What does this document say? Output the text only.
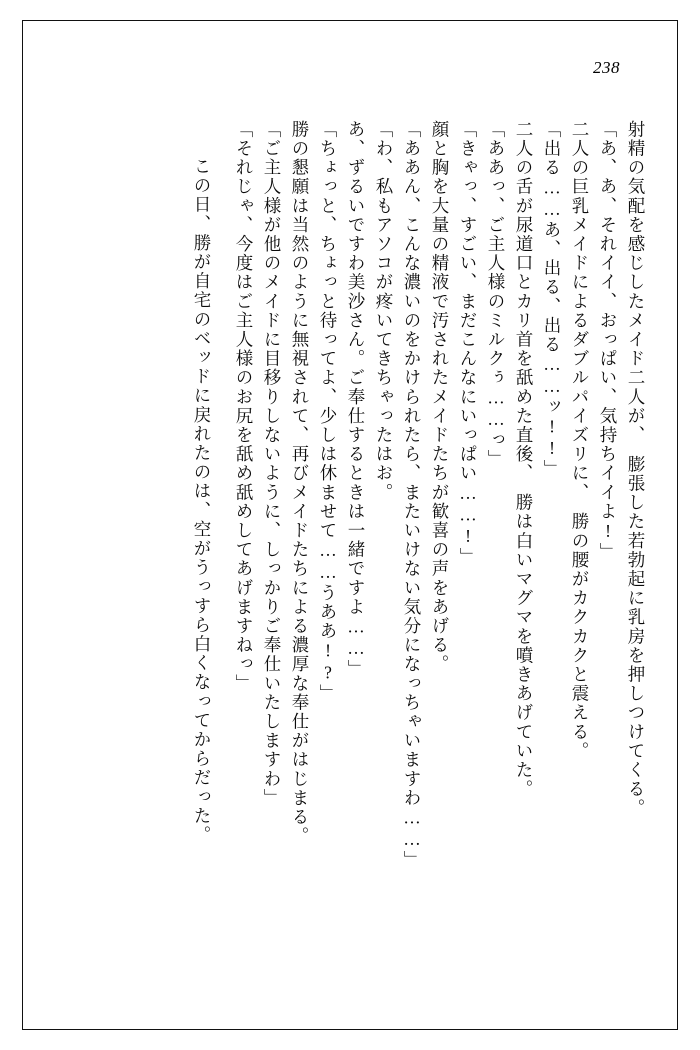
238
射精の気配を感じしたメイド二人が、　膨張した若勃起に乳房を押しつけてくる。
「あ、あ、それイイ、おっぱい、気持ちイイよ!」
二人の巨乳メイドによるダブルパイズリに、　勝の腰がカクカクと震える。
「出る……あ、出る、出る……ッ!!」
二人の舌が尿道口とカリ首を舐めた直後、　勝は白いマグマを噴きあげていた。
「ああっ、ご主人様のミルクぅ……っ」
「きゃっ、すごい、まだこんなにいっぱい……!」
顔と胸を大量の精液で汚されたメイドたちが歓喜の声をあげる。
「ああん、こんな濃いのをかけられたら、またいけない気分になっちゃいますわ……」
「わ、私もアソコが疼いてきちゃったはお。
あ、ずるいですわ美沙さん。ご奉仕するときは一緒ですよ……」
「ちょっと、ちょっと待ってよ、少しは休ませて……うああ!?」
勝の懇願は当然のように無視されて、再びメイドたちによる濃厚な奉仕がはじまる。
「ご主人様が他のメイドに目移りしないように、しっかりご奉仕いたしますわ」
「それじゃ、今度はご主人様のお尻を舐め舐めしてあげますねっ」
　この日、勝が自宅のベッドに戻れたのは、空がうっすら白くなってからだった。
